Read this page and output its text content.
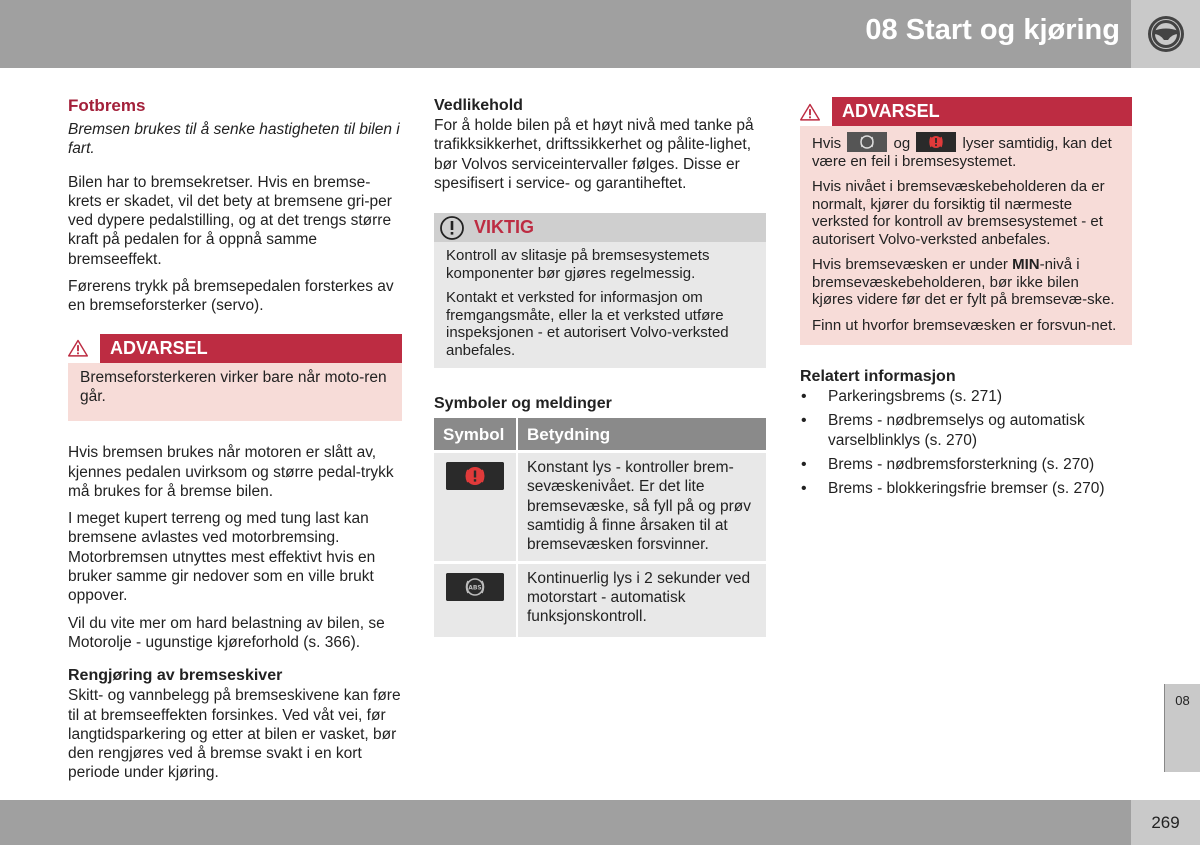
08 Start og kjøring
Fotbrems
Bremsen brukes til å senke hastigheten til bilen i fart.

Bilen har to bremsekretser. Hvis en bremse-krets er skadet, vil det bety at bremsene gri-per ved dypere pedalstilling, og at det trengs større kraft på pedalen for å oppnå samme bremseeffekt.

Førerens trykk på bremsepedalen forsterkes av en bremseforsterker (servo).

ADVARSEL

Bremseforsterkeren virker bare når moto-ren går.

Hvis bremsen brukes når motoren er slått av, kjennes pedalen uvirksom og større pedal-trykk må brukes for å bremse bilen.

I meget kupert terreng og med tung last kan bremsene avlastes ved motorbremsing. Motorbremsen utnyttes mest effektivt hvis en bruker samme gir nedover som en ville brukt oppover.

Vil du vite mer om hard belastning av bilen, se Motorolje - ugunstige kjøreforhold (s. 366).

Rengjøring av bremseskiver

Skitt- og vannbelegg på bremseskivene kan føre til at bremseeffekten forsinkes. Ved våt vei, før langtidsparkering og etter at bilen er vasket, bør den rengjøres ved å bremse svakt i en kort periode under kjøring.

Vedlikehold

For å holde bilen på et høyt nivå med tanke på trafikksikkerhet, driftssikkerhet og pålite-lighet, bør Volvos serviceintervaller følges. Disse er spesifisert i service- og garantiheftet.

VIKTIG

Kontroll av slitasje på bremsesystemets komponenter bør gjøres regelmessig.

Kontakt et verksted for informasjon om fremgangsmåte, eller la et verksted utføre inspeksjonen - et autorisert Volvo-verksted anbefales.

Symboler og meldinger
Symbol	Betydning
	Konstant lys - kontroller brem-sevæskenivået. Er det lite bremsevæske, så fyll på og prøv samtidig å finne årsaken til at bremsevæsken forsvinner.

ABS	Kontinuerlig lys i 2 sekunder ved motorstart - automatisk funksjonskontroll.
ADVARSEL

Hvis	og	lyser samtidig, kan det være en feil i bremsesystemet.

Hvis nivået i bremsevæskebeholderen da er normalt, kjører du forsiktig til nærmeste verksted for kontroll av bremsesystemet - et autorisert Volvo-verksted anbefales.

Hvis bremsevæsken er under MIN-nivå i bremsevæskebeholderen, bør ikke bilen kjøres videre før det er fylt på bremsevæ-ske.

Finn ut hvorfor bremsevæsken er forsvun-net.

Relatert informasjon
• Parkeringsbrems (s. 271)
• Brems - nødbremselys og automatisk varselblinklys (s. 270)
• Brems - nødbremsforsterkning (s. 270)
• Brems - blokkeringsfrie bremser (s. 270)
08
269
